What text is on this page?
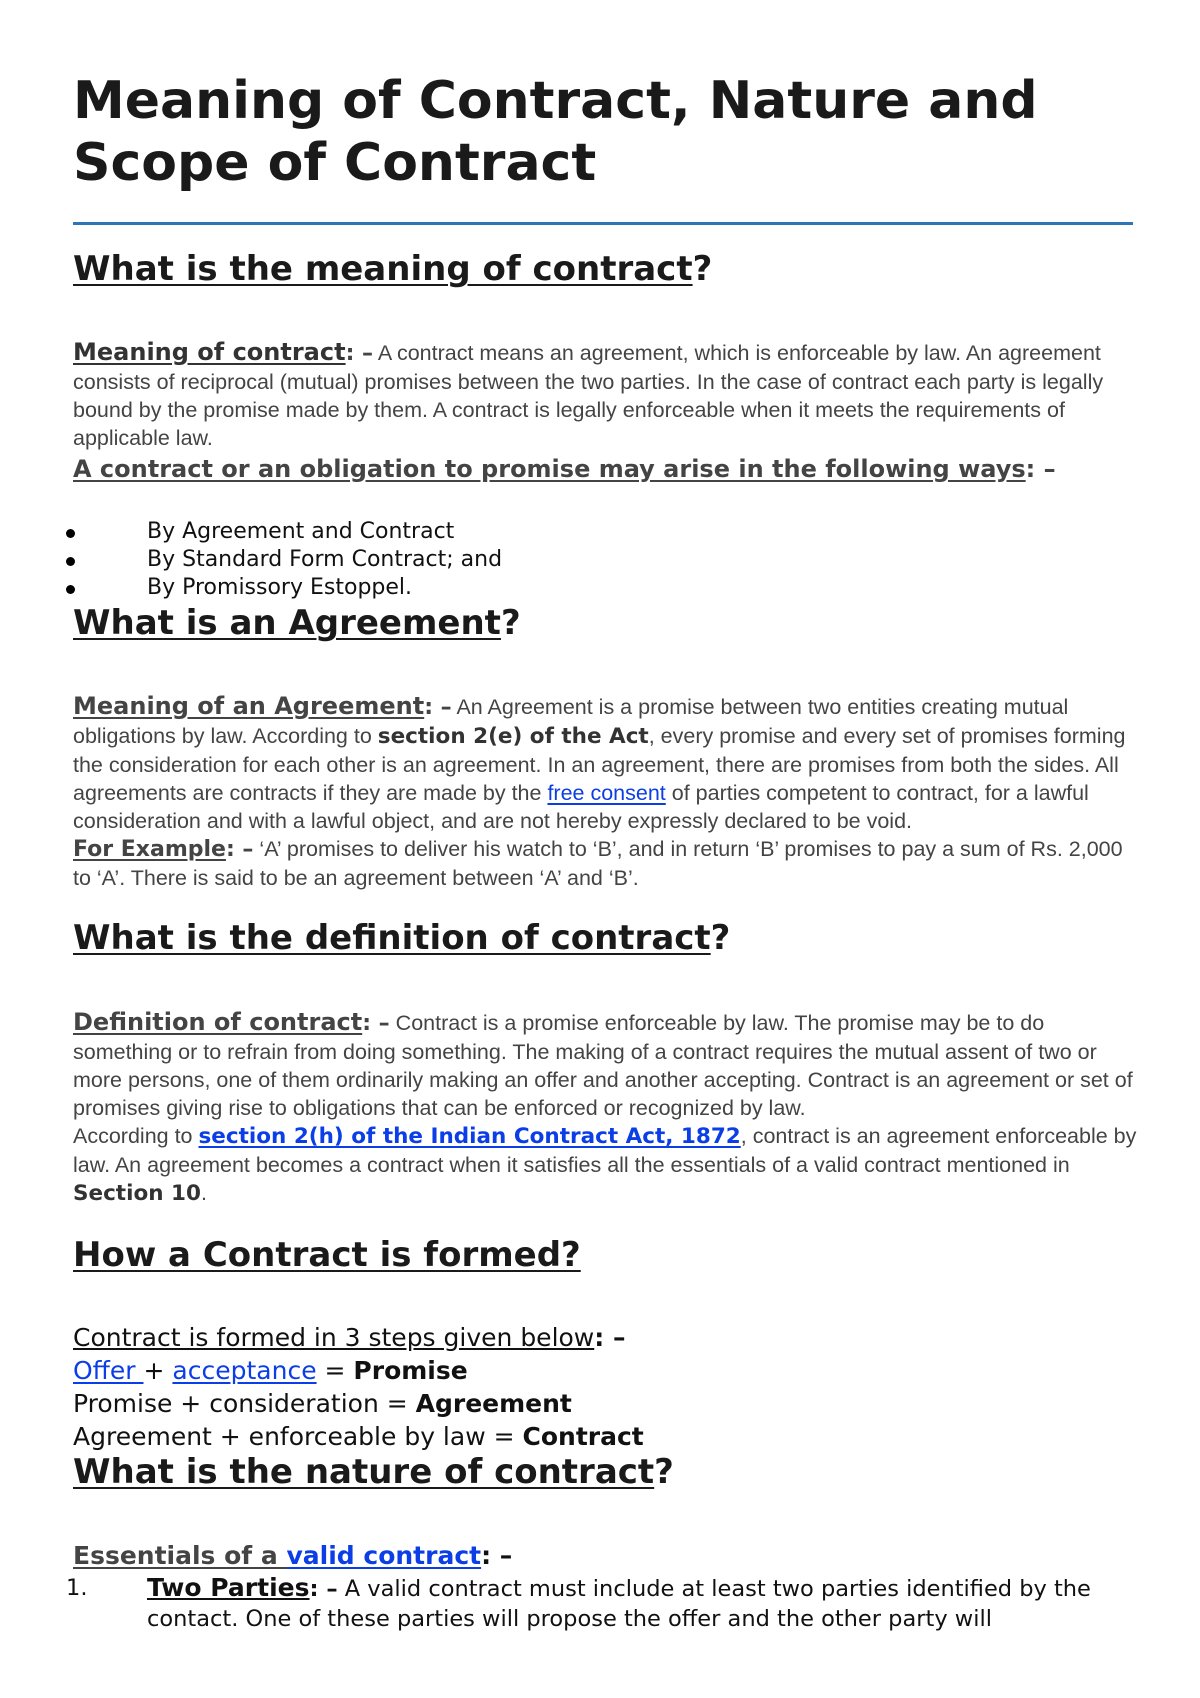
Meaning of Contract, Nature and Scope of Contract
What is the meaning of contract?

Meaning of contract: – A contract means an agreement, which is enforceable by law. An agreement consists of reciprocal (mutual) promises between the two parties. In the case of contract each party is legally bound by the promise made by them. A contract is legally enforceable when it meets the requirements of applicable law.

A contract or an obligation to promise may arise in the following ways: –

By Agreement and Contract
By Standard Form Contract; and
By Promissory Estoppel.
What is an Agreement?

Meaning of an Agreement: – An Agreement is a promise between two entities creating mutual obligations by law. According to section 2(e) of the Act, every promise and every set of promises forming the consideration for each other is an agreement. In an agreement, there are promises from both the sides. All agreements are contracts if they are made by the free consent of parties competent to contract, for a lawful consideration and with a lawful object, and are not hereby expressly declared to be void.
For Example: – ‘A’ promises to deliver his watch to ‘B’, and in return ‘B’ promises to pay a sum of Rs. 2,000 to ‘A’. There is said to be an agreement between ‘A’ and ‘B’.

What is the definition of contract?

Definition of contract: – Contract is a promise enforceable by law. The promise may be to do something or to refrain from doing something. The making of a contract requires the mutual assent of two or more persons, one of them ordinarily making an offer and another accepting. Contract is an agreement or set of promises giving rise to obligations that can be enforced or recognized by law.
According to section 2(h) of the Indian Contract Act, 1872, contract is an agreement enforceable by law. An agreement becomes a contract when it satisfies all the essentials of a valid contract mentioned in Section 10.

How a Contract is formed?

Contract is formed in 3 steps given below: –

Offer + acceptance = Promise

Promise + consideration = Agreement

Agreement + enforceable by law = Contract

What is the nature of contract?

Essentials of a valid contract: –

1. Two Parties: – A valid contract must include at least two parties identified by the contact. One of these parties will propose the offer and the other party will
